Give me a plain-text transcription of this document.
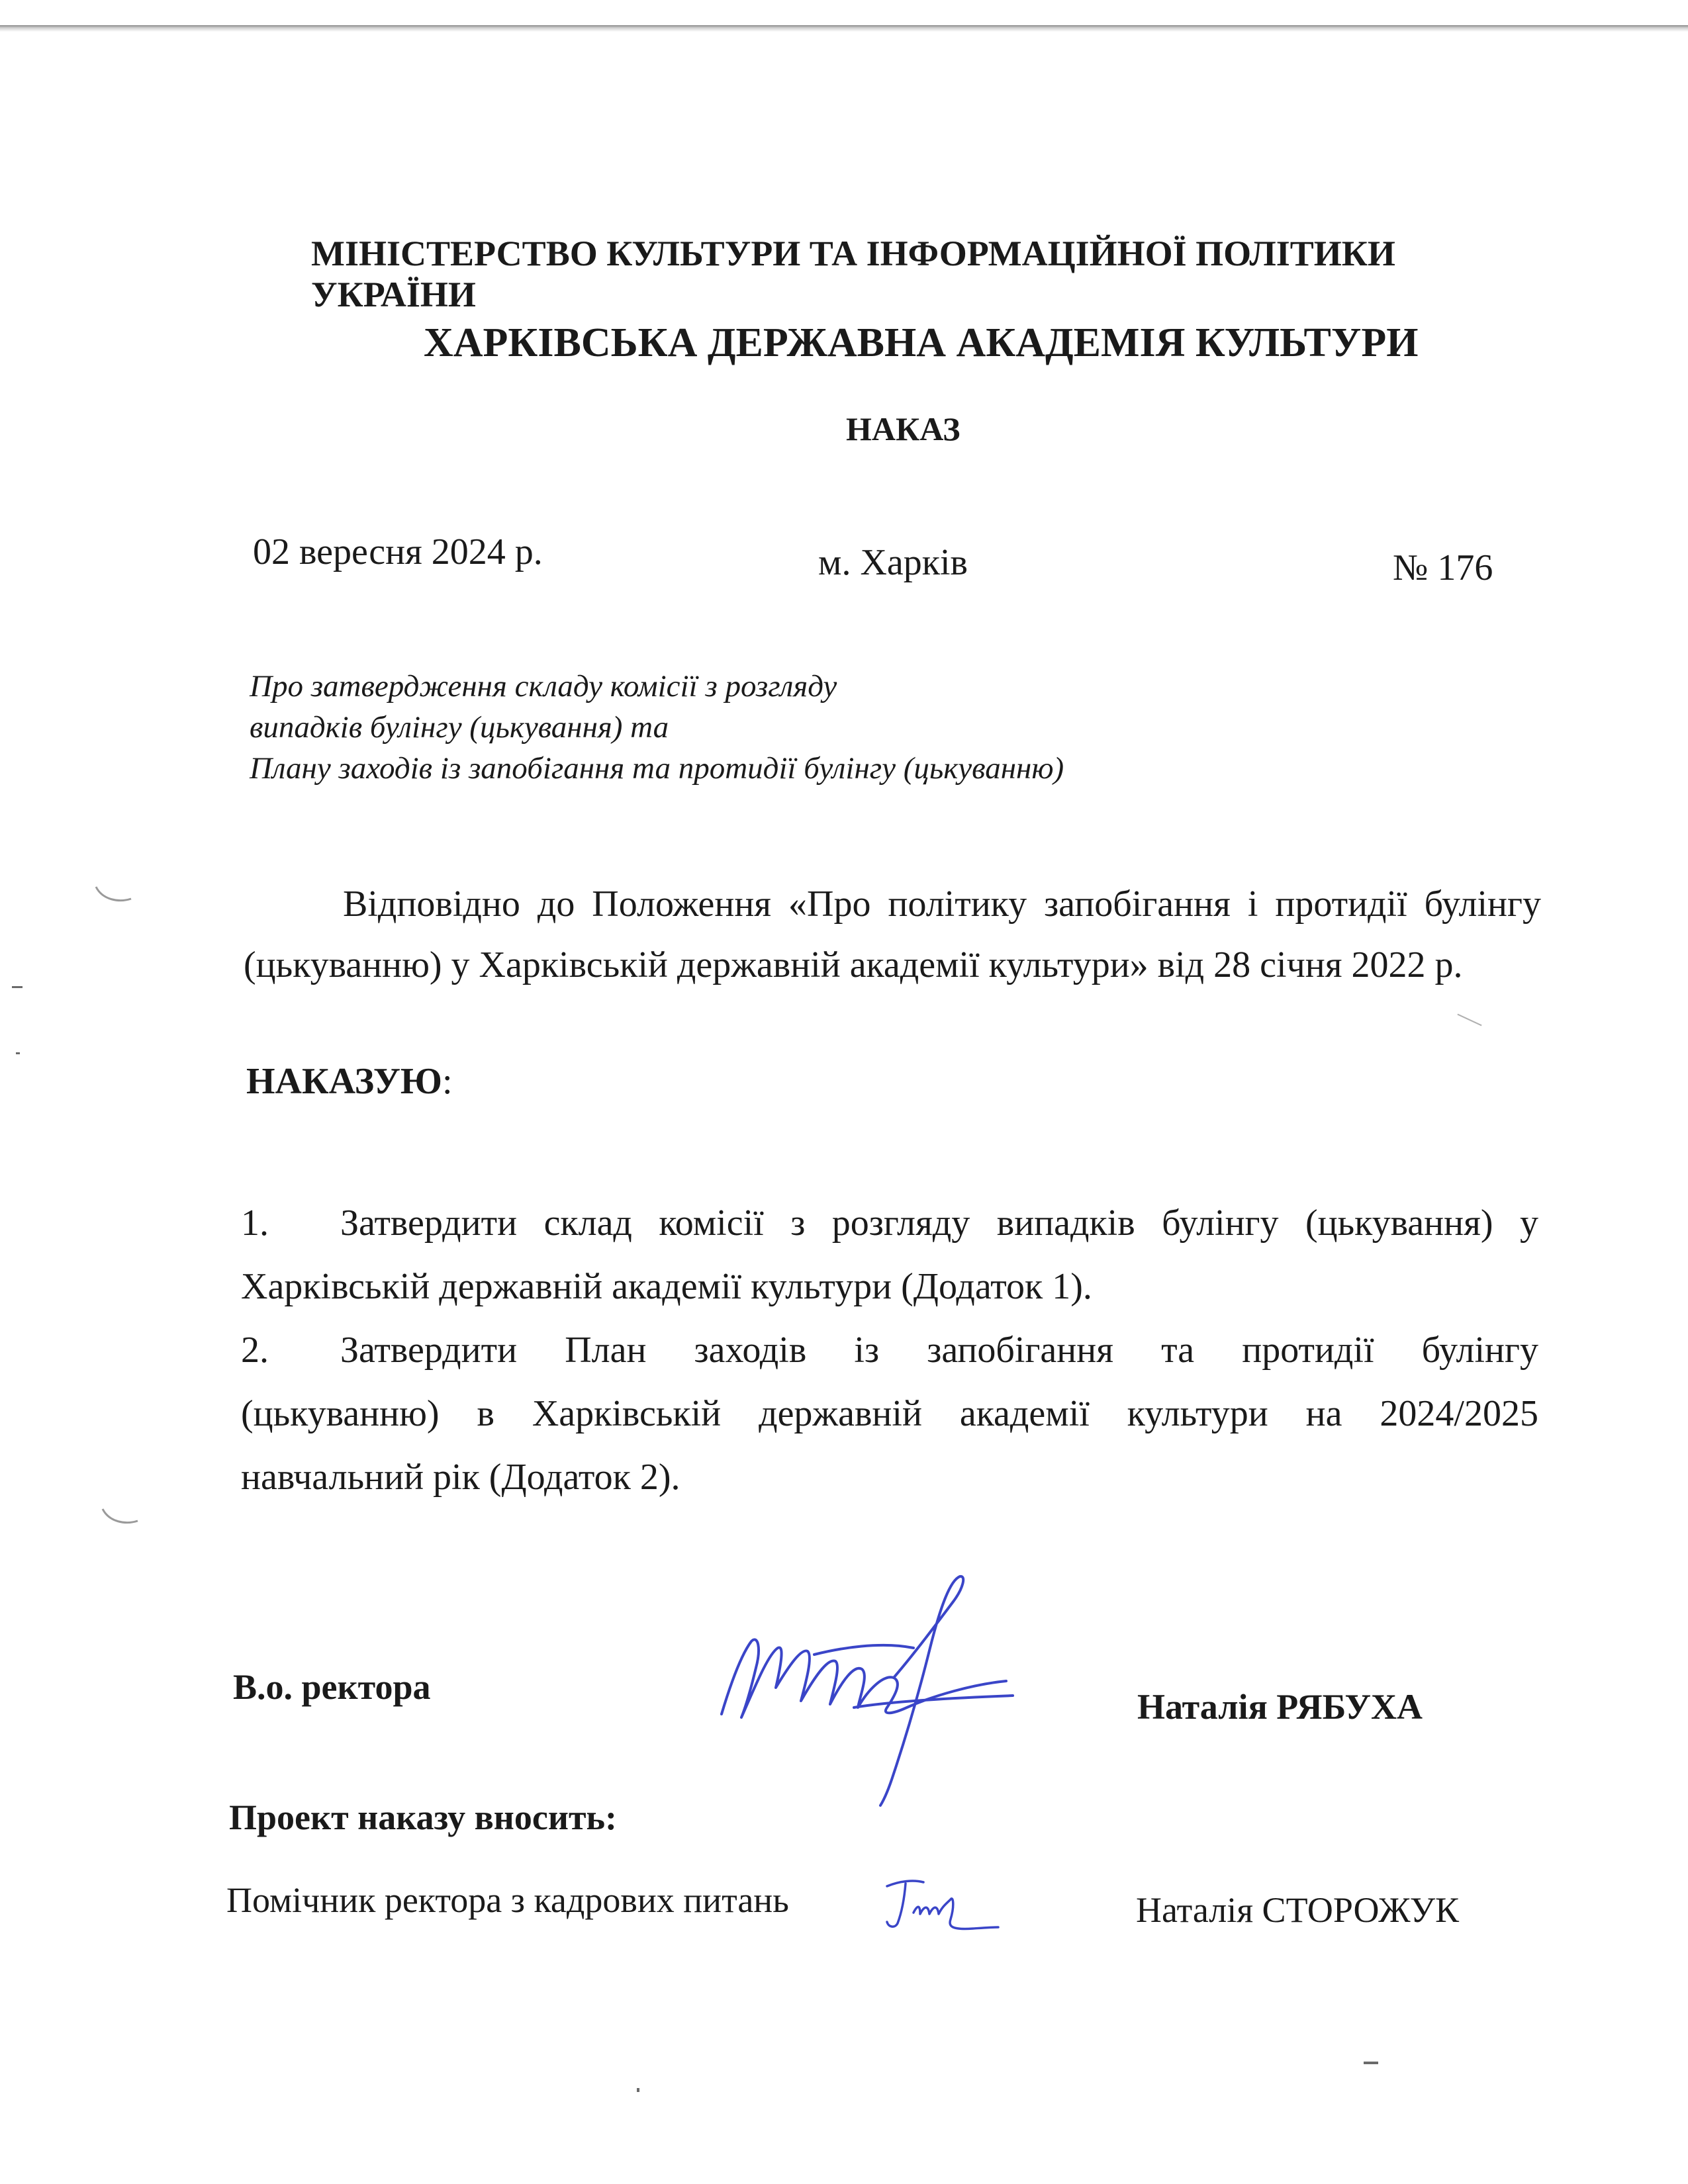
МІНІСТЕРСТВО КУЛЬТУРИ ТА ІНФОРМАЦІЙНОЇ ПОЛІТИКИ УКРАЇНИ
ХАРКІВСЬКА ДЕРЖАВНА АКАДЕМІЯ КУЛЬТУРИ
НАКАЗ
02 вересня 2024 р.	м. Харків	№ 176
Про затвердження складу комісії з розгляду
випадків булінгу (цькування) та
Плану заходів із запобігання та протидії булінгу (цькуванню)
Відповідно до Положення «Про політику запобігання і протидії булінгу
(цькуванню) у Харківській державній академії культури» від 28 січня 2022 р.
НАКАЗУЮ:
1. Затвердити склад комісії з розгляду випадків булінгу (цькування) у
Харківській державній академії культури (Додаток 1).
2. Затвердити План заходів із запобігання та протидії булінгу
(цькуванню) в Харківській державній академії культури на 2024/2025
навчальний рік (Додаток 2).
В.о. ректора	Наталія РЯБУХА
Проект наказу вносить:
Помічник ректора з кадрових питань	Наталія СТОРОЖУК
